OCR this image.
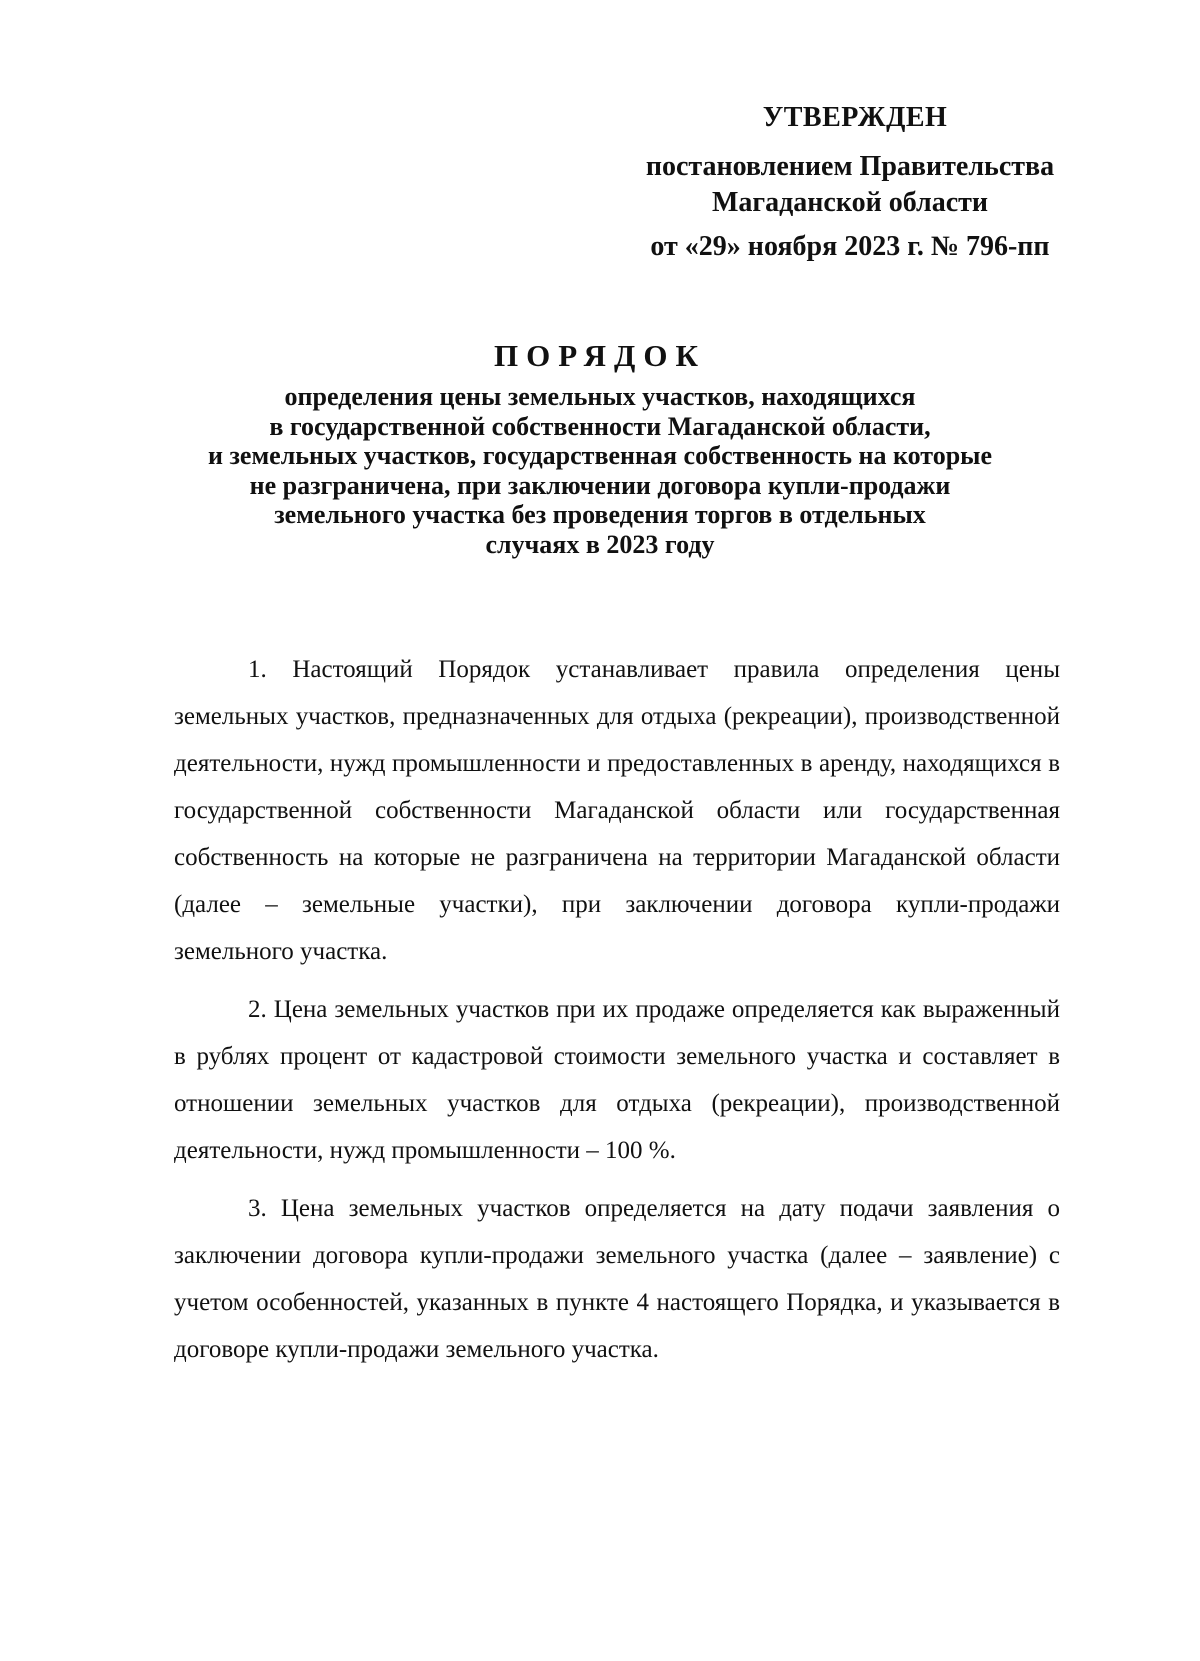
УТВЕРЖДЕН
постановлением Правительства
Магаданской области
от «29» ноября 2023 г. № 796-пп
ПОРЯДОК
определения цены земельных участков, находящихся
в государственной собственности Магаданской области,
и земельных участков, государственная собственность на которые
не разграничена, при заключении договора купли-продажи
земельного участка без проведения торгов в отдельных
случаях в 2023 году

1. Настоящий Порядок устанавливает правила определения цены земельных участков, предназначенных для отдыха (рекреации), производственной деятельности, нужд промышленности и предоставленных в аренду, находящихся в государственной собственности Магаданской области или государственная собственность на которые не разграничена на территории Магаданской области (далее – земельные участки), при заключении договора купли-продажи земельного участка.

2. Цена земельных участков при их продаже определяется как выраженный в рублях процент от кадастровой стоимости земельного участка и составляет в отношении земельных участков для отдыха (рекреации), производственной деятельности, нужд промышленности – 100 %.

3. Цена земельных участков определяется на дату подачи заявления о заключении договора купли-продажи земельного участка (далее – заявление) с учетом особенностей, указанных в пункте 4 настоящего Порядка, и указывается в договоре купли-продажи земельного участка.
